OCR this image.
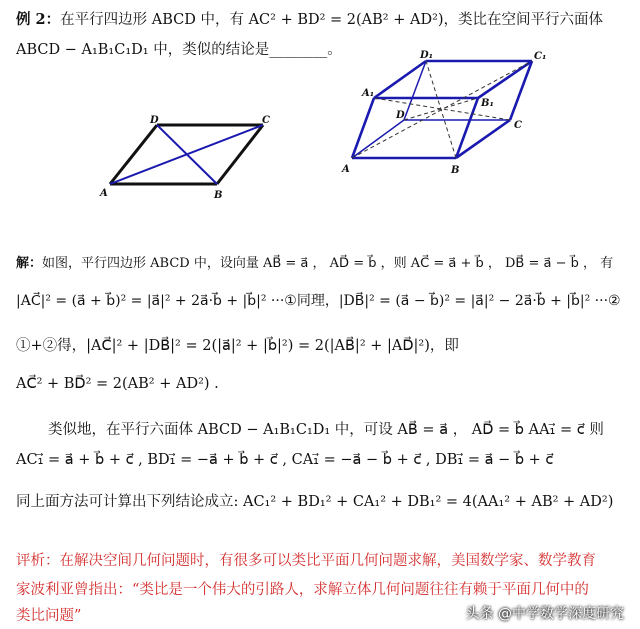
例 2：在平行四边形 ABCD 中，有 AC² + BD² = 2(AB² + AD²)，类比在空间平行六面体
ABCD − A₁B₁C₁D₁ 中，类似的结论是________。
A	B
C
D
A	B
C
D
A₁
B₁
C₁
D₁
解：如图，平行四边形 ABCD 中，设向量 AB⃗ = a⃗ ， AD⃗ = b⃗ ，则 AC⃗ = a⃗ + b⃗ ， DB⃗ = a⃗ − b⃗ ， 有
|AC⃗|² = (a⃗ + b⃗)² = |a⃗|² + 2a⃗·b⃗ + |b⃗|² ···①同理，|DB⃗|² = (a⃗ − b⃗)² = |a⃗|² − 2a⃗·b⃗ + |b⃗|² ···②
①+②得，|AC⃗|² + |DB⃗|² = 2(|a⃗|² + |b⃗|²) = 2(|AB⃗|² + |AD⃗|²)，即
AC⃗² + BD⃗² = 2(AB² + AD²) .
类似地，在平行六面体 ABCD − A₁B₁C₁D₁ 中，可设 AB⃗ = a⃗ ， AD⃗ = b⃗ AA₁⃗ = c⃗ 则
AC₁⃗ = a⃗ + b⃗ + c⃗ , BD₁⃗ = −a⃗ + b⃗ + c⃗ , CA₁⃗ = −a⃗ − b⃗ + c⃗ , DB₁⃗ = a⃗ − b⃗ + c⃗
同上面方法可计算出下列结论成立: AC₁² + BD₁² + CA₁² + DB₁² = 4(AA₁² + AB² + AD²)
评析：在解决空间几何问题时，有很多可以类比平面几何问题求解，美国数学家、数学教育
家波利亚曾指出：“类比是一个伟大的引路人，求解立体几何问题往往有赖于平面几何中的
类比问题”	头条 @中学数学深度研究
